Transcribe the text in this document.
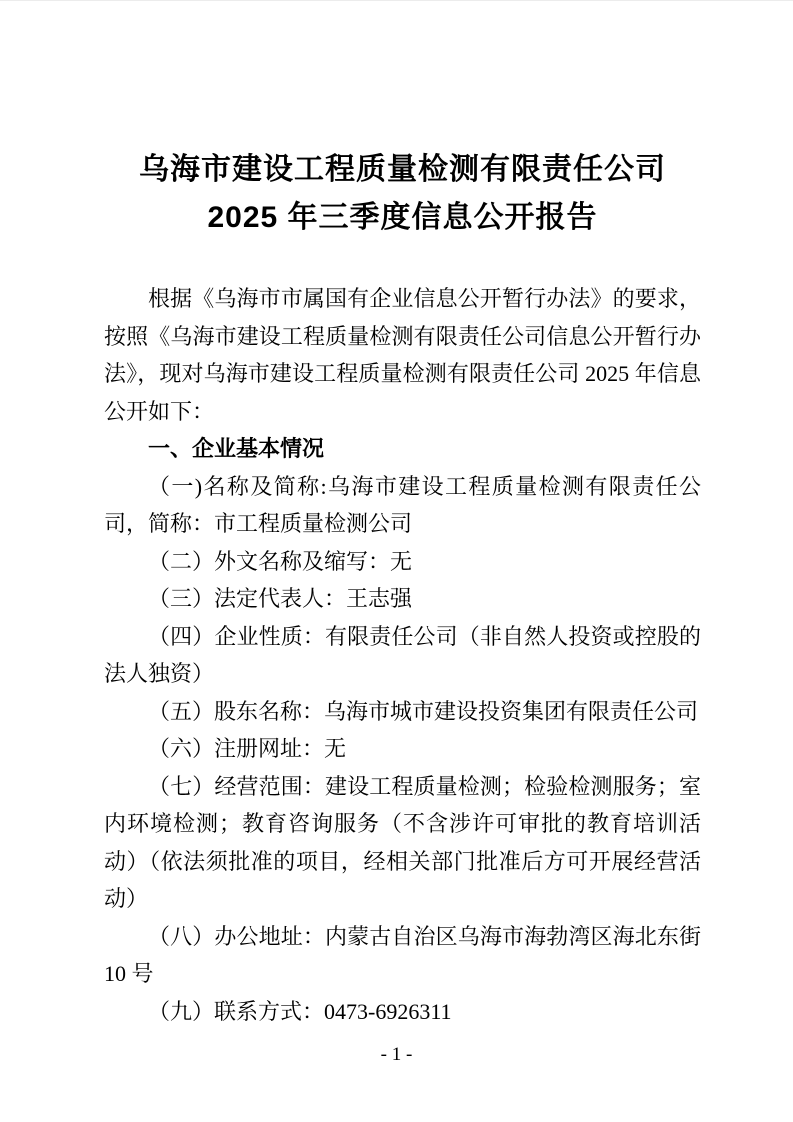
乌海市建设工程质量检测有限责任公司
2025 年三季度信息公开报告

根据《乌海市市属国有企业信息公开暂行办法》的要求，按照《乌海市建设工程质量检测有限责任公司信息公开暂行办法》，现对乌海市建设工程质量检测有限责任公司 2025 年信息公开如下：

一、企业基本情况

（一)名称及简称:乌海市建设工程质量检测有限责任公司，简称：市工程质量检测公司

（二）外文名称及缩写：无

（三）法定代表人：王志强

（四）企业性质：有限责任公司（非自然人投资或控股的法人独资）

（五）股东名称：乌海市城市建设投资集团有限责任公司

（六）注册网址：无

（七）经营范围：建设工程质量检测；检验检测服务；室内环境检测；教育咨询服务（不含涉许可审批的教育培训活动）（依法须批准的项目，经相关部门批准后方可开展经营活动）

（八）办公地址：内蒙古自治区乌海市海勃湾区海北东街 10 号

（九）联系方式：0473-6926311

- 1 -
